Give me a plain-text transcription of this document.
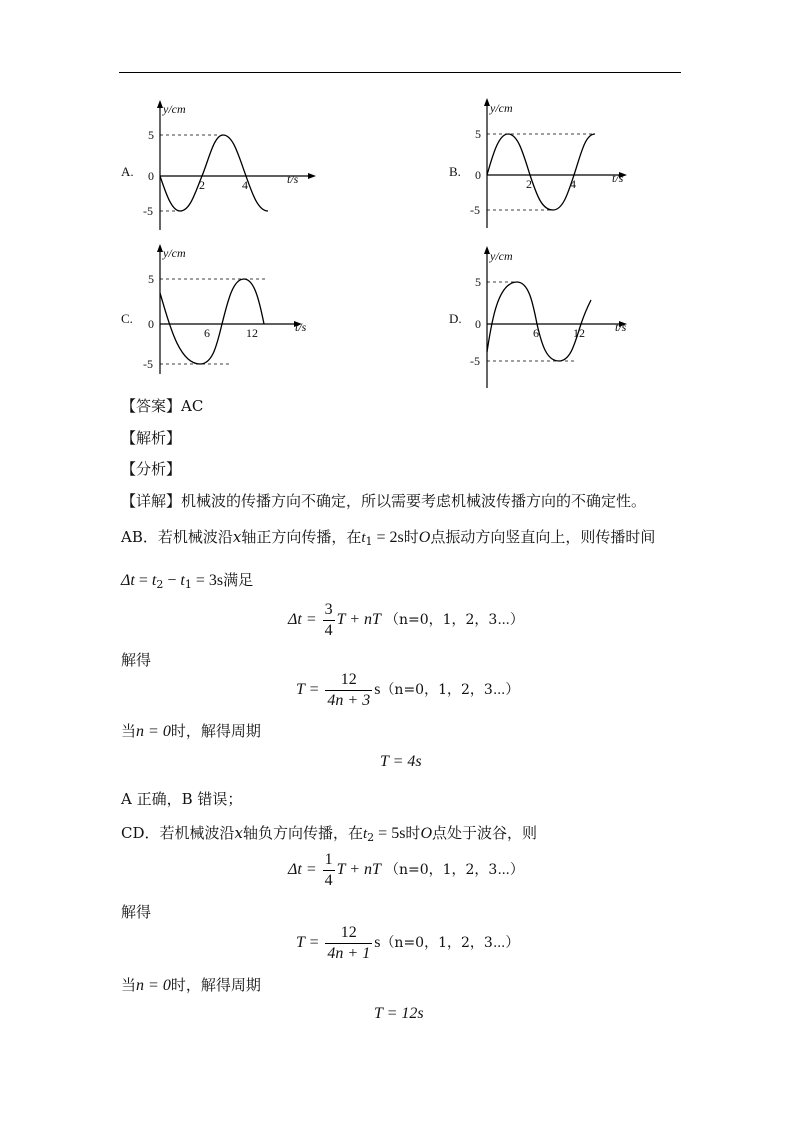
A.
y/cm
5
0
-5
2	4	t/s	B.
y/cm
5
0
-5
2	4	t/s
C.
y/cm
5
0
-5
6	12	t/s
D.
y/cm
5
0
-5
6	12	t/s
【答案】AC
【解析】
【分析】
【详解】机械波的传播方向不确定，所以需要考虑机械波传播方向的不确定性。
AB．若机械波沿x轴正方向传播，在$t_1 = 2s$时O点振动方向竖直向上，则传播时间
$\Delta t = t_2 - t_1 = 3s$满足
$\Delta t = \frac{3}{4}$ T + nT （n=0，1，2，3⋯）
解得
$T = \frac{12}{4n + 3} s(n=0$，1，2，3⋯）
当n = 0时，解得周期
T = 4s
A 正确，B 错误；
CD．若机械波沿x轴负方向传播，在$t_2 = 5s$时O点处于波谷，则
$\Delta t = \frac{1}{4}$ T + nT （n=0，1，2，3⋯）
解得
$T = \frac{12}{4n + 1} s(n=0$，1，2，3⋯）
当n = 0时，解得周期
T = 12s
